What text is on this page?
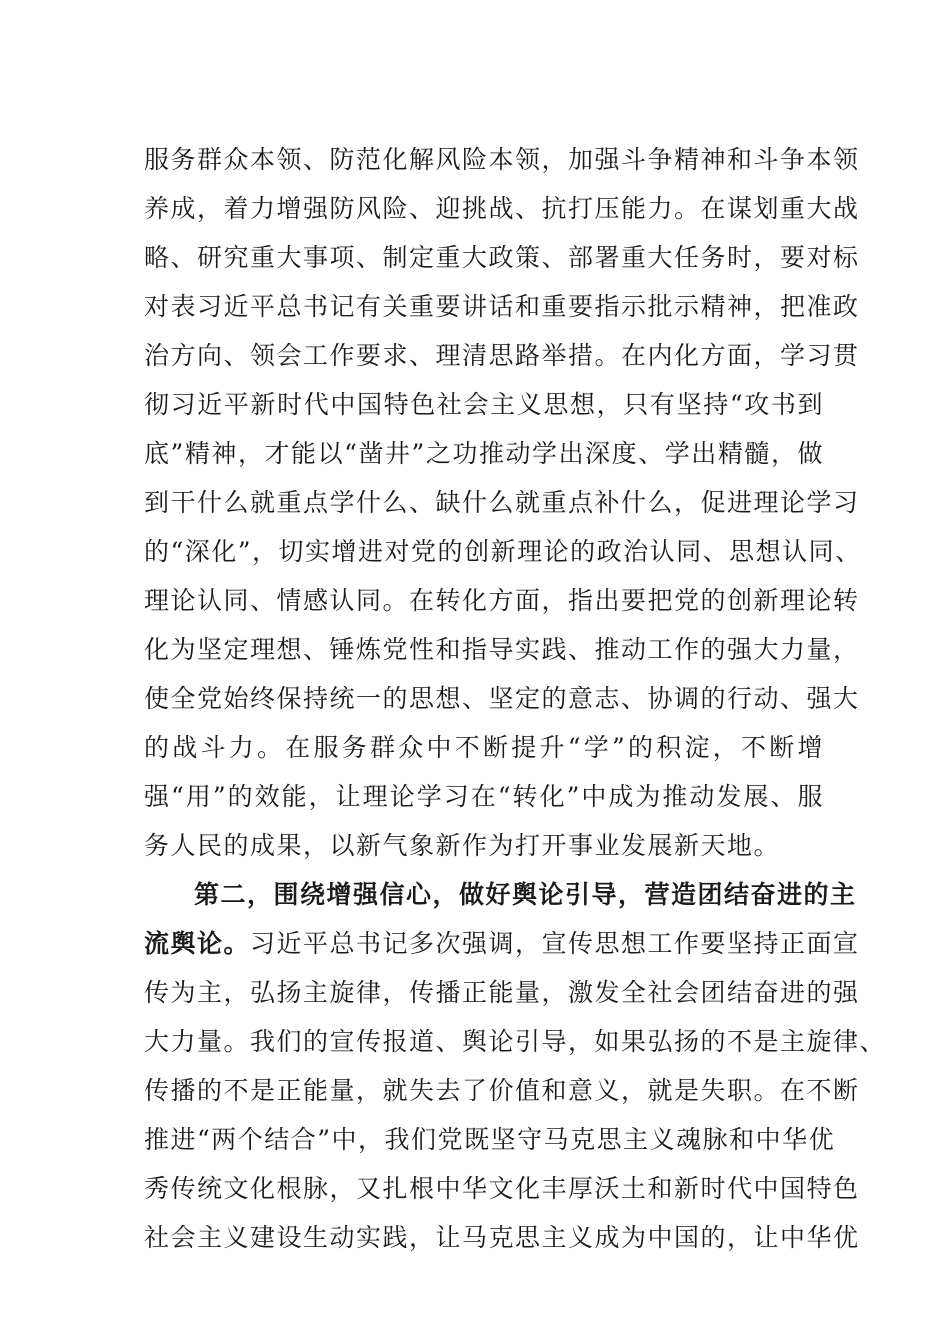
服务群众本领、防范化解风险本领，加强斗争精神和斗争本领
养成，着力增强防风险、迎挑战、抗打压能力。在谋划重大战
略、研究重大事项、制定重大政策、部署重大任务时，要对标
对表习近平总书记有关重要讲话和重要指示批示精神，把准政
治方向、领会工作要求、理清思路举措。在内化方面，学习贯
彻习近平新时代中国特色社会主义思想，只有坚持“攻书到
底”精神，才能以“凿井”之功推动学出深度、学出精髓，做
到干什么就重点学什么、缺什么就重点补什么，促进理论学习
的“深化”，切实增进对党的创新理论的政治认同、思想认同、
理论认同、情感认同。在转化方面，指出要把党的创新理论转
化为坚定理想、锤炼党性和指导实践、推动工作的强大力量，
使全党始终保持统一的思想、坚定的意志、协调的行动、强大
的战斗力。在服务群众中不断提升“学”的积淀，不断增
强“用”的效能，让理论学习在“转化”中成为推动发展、服
务人民的成果，以新气象新作为打开事业发展新天地。
第二，围绕增强信心，做好舆论引导，营造团结奋进的主
流舆论。习近平总书记多次强调，宣传思想工作要坚持正面宣
传为主，弘扬主旋律，传播正能量，激发全社会团结奋进的强
大力量。我们的宣传报道、舆论引导，如果弘扬的不是主旋律、
传播的不是正能量，就失去了价值和意义，就是失职。在不断
推进“两个结合”中，我们党既坚守马克思主义魂脉和中华优
秀传统文化根脉，又扎根中华文化丰厚沃土和新时代中国特色
社会主义建设生动实践，让马克思主义成为中国的，让中华优
